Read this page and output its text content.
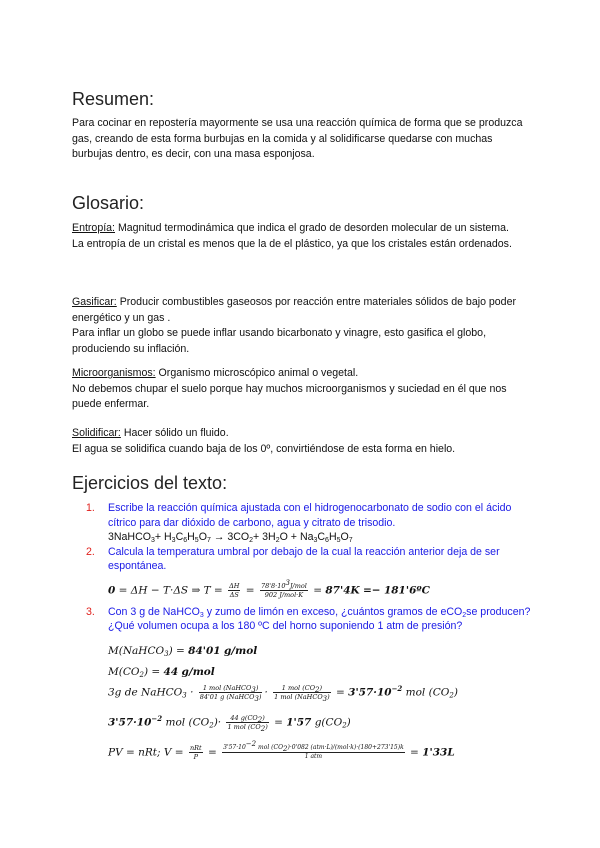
Resumen:

Para cocinar en repostería mayormente se usa una reacción química de forma que se produzca gas, creando de esta forma burbujas en la comida y al solidificarse quedarse con muchas burbujas dentro, es decir, con una masa esponjosa.

Glosario:
Entropía: Magnitud termodinámica que indica el grado de desorden molecular de un sistema.
La entropía de un cristal es menos que la de el plástico, ya que los cristales están ordenados.
Gasificar: Producir combustibles gaseosos por reacción entre materiales sólidos de bajo poder energético y un gas .
Para inflar un globo se puede inflar usando bicarbonato y vinagre, esto gasifica el globo, produciendo su inflación.
Microorganismos: Organismo microscópico animal o vegetal.
No debemos chupar el suelo porque hay muchos microorganismos y suciedad en él que nos puede enfermar.
Solidificar: Hacer sólido un fluido.
El agua se solidifica cuando baja de los 0º, convirtiéndose de esta forma en hielo.
Ejercicios del texto:
1. Escribe la reacción química ajustada con el hidrogenocarbonato de sodio con el ácido cítrico para dar dióxido de carbono, agua y citrato de trisodio.
3NaHCO$_3$+ $H_3C_6H_5O_7 \to 3CO_2+ 3H_2O + Na_3C_6H_5O_7$
2. Calcula la temperatura umbral por debajo de la cual la reacción anterior deja de ser espontánea.
0 = ΔH − T·ΔS ⇒ $T = \frac{\Delta H}{\Delta S} = \frac{78'8\cdot 10^3J/mol}{\text{902 J/mol·K}} = 87'4K$ =− 181'6ºC
3. Con 3 g de NaHCO$_3$ y zumo de limón en exceso, ¿cuántos gramos de eCO$_2$se producen?¿Qué volumen ocupa a los 180 ºC del horno suponiendo 1 atm de presión?
M(NaHCO$_3$) = 84'01 g/mol
$M(CO_2) = 44$ g/mol
3g de NaHCO$_3$ · $\frac{1 mol (NaHCO_3)}{84'01 g (NaHCO_3)} \cdot \frac{1 mol (CO_2)}{1 mol (NaHCO_3)} = 3'57\cdot 10^{-2}$ mol $(CO_2)$
$3'57\cdot 10^{-2}$ mol $(CO_2)\cdot \frac{44 g(CO_2)}{1 mol (CO_2)} = 1'57$ $g(CO_2)$
PV = nRt; $V = \frac{\text{nRt}}{P} = \frac{3'57\cdot 10^{-2} mol (CO_2)\cdot 0'082 (atm\cdot L)/(mol\cdot k)\cdot(180+273'15)k}{\text{1 atm}} = 1'33L$
